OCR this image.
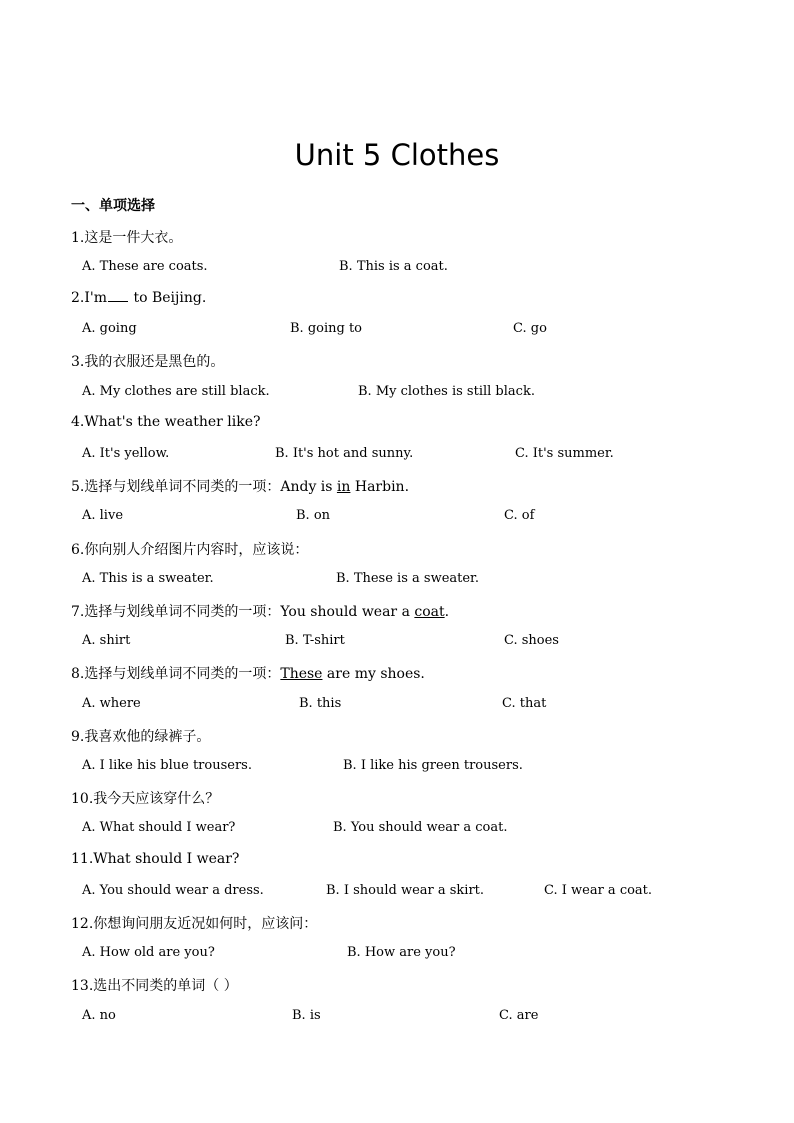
Unit 5 Clothes
一、单项选择
1.这是一件大衣。
A. These are coats.	B. This is a coat.
2.I'm to Beijing.
A. going	B. going to	C. go
3.我的衣服还是黑色的。
A. My clothes are still black.	B. My clothes is still black.
4.What's the weather like?
A. It's yellow.	B. It's hot and sunny.	C. It's summer.
5.选择与划线单词不同类的一项：Andy is in Harbin.
A. live	B. on	C. of
6.你向别人介绍图片内容时，应该说：
A. This is a sweater.	B. These is a sweater.
7.选择与划线单词不同类的一项：You should wear a coat.
A. shirt	B. T-shirt	C. shoes
8.选择与划线单词不同类的一项：These are my shoes.
A. where	B. this	C. that
9.我喜欢他的绿裤子。
A. I like his blue trousers.	B. I like his green trousers.
10.我今天应该穿什么？
A. What should I wear?	B. You should wear a coat.
11.What should I wear?
A. You should wear a dress.	B. I should wear a skirt.	C. I wear a coat.
12.你想询问朋友近况如何时，应该问：
A. How old are you?	B. How are you?
13.选出不同类的单词（ ）
A. no	B. is	C. are
